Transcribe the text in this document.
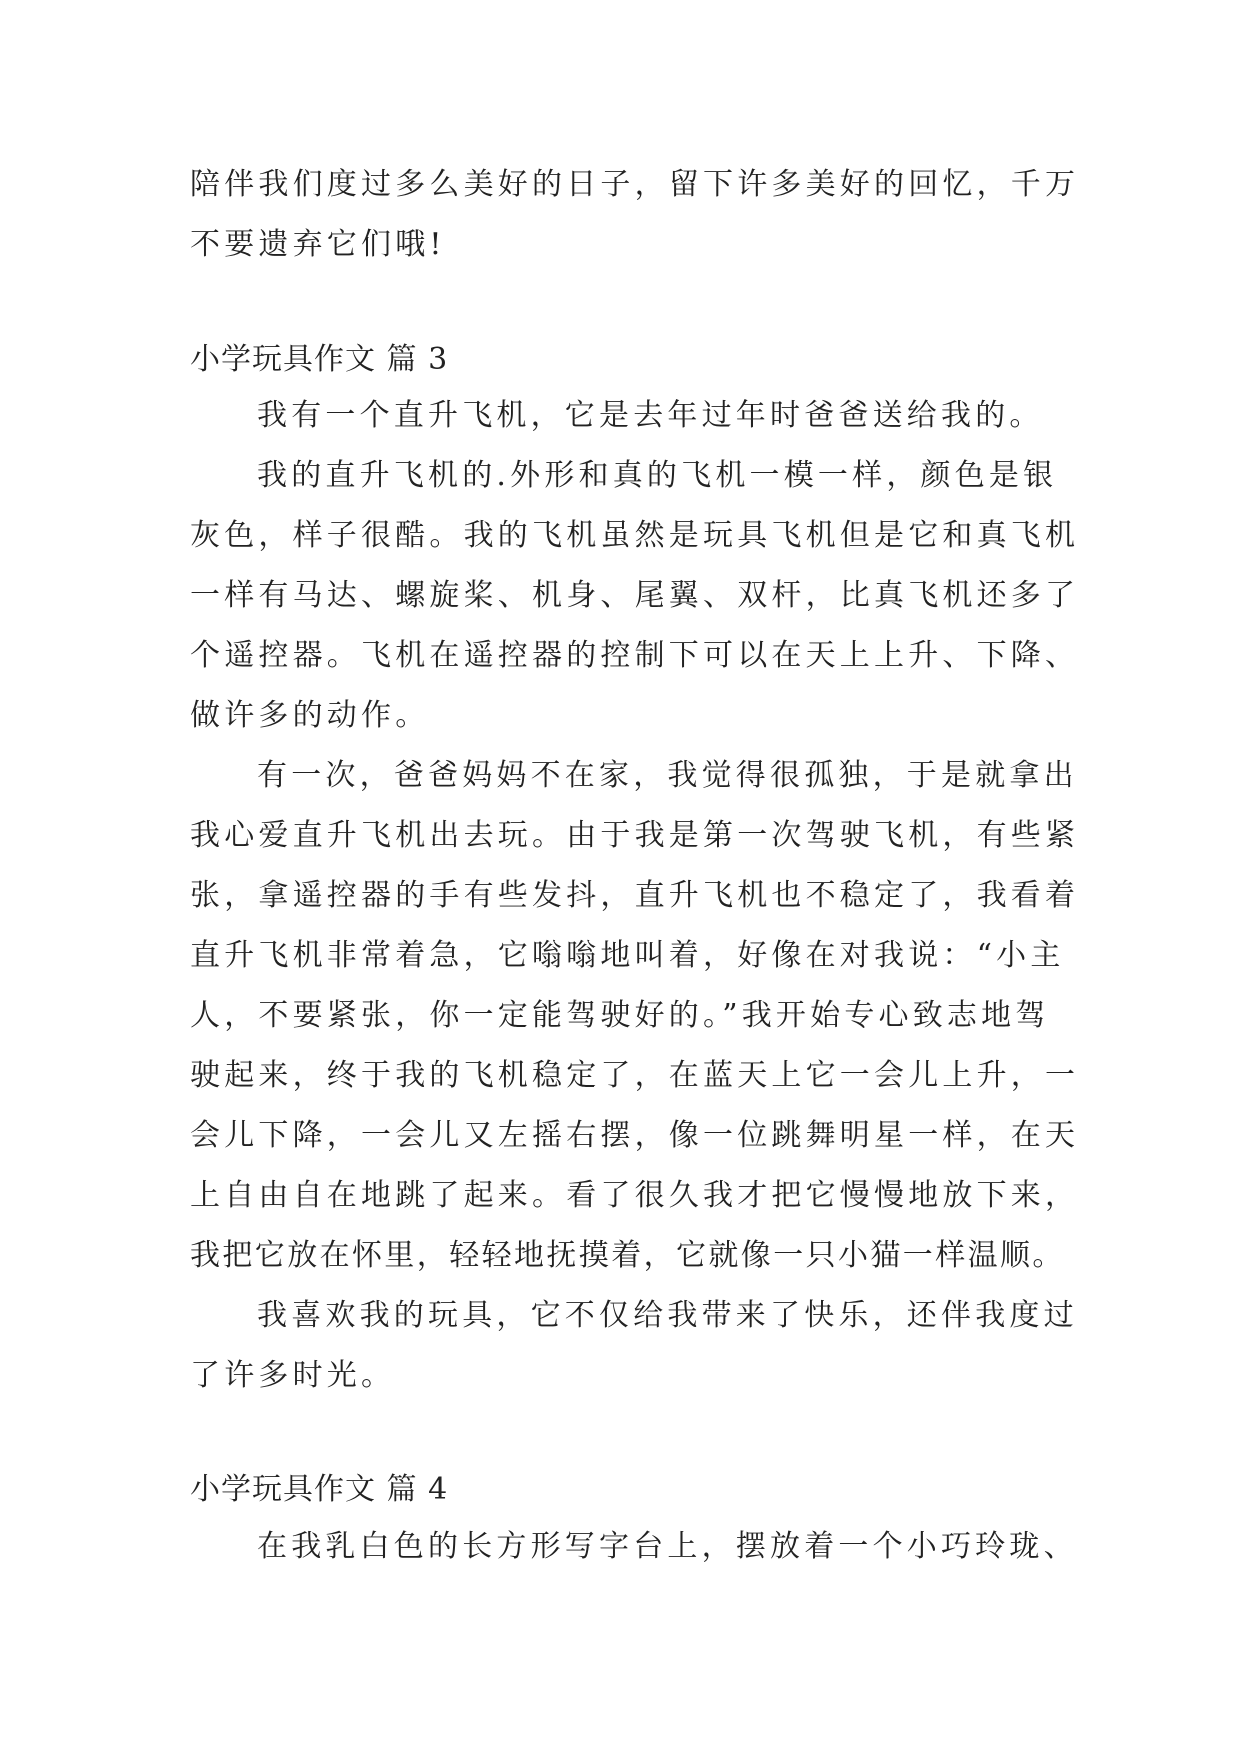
陪伴我们度过多么美好的日子，留下许多美好的回忆，千万
不要遗弃它们哦!
小学玩具作文 篇 3
我有一个直升飞机，它是去年过年时爸爸送给我的。
我的直升飞机的.外形和真的飞机一模一样，颜色是银
灰色，样子很酷。我的飞机虽然是玩具飞机但是它和真飞机
一样有马达、螺旋桨、机身、尾翼、双杆，比真飞机还多了
个遥控器。飞机在遥控器的控制下可以在天上上升、下降、
做许多的动作。
有一次，爸爸妈妈不在家，我觉得很孤独，于是就拿出
我心爱直升飞机出去玩。由于我是第一次驾驶飞机，有些紧
张，拿遥控器的手有些发抖，直升飞机也不稳定了，我看着
直升飞机非常着急，它嗡嗡地叫着，好像在对我说：“小主
人，不要紧张，你一定能驾驶好的。”我开始专心致志地驾
驶起来，终于我的飞机稳定了，在蓝天上它一会儿上升，一
会儿下降，一会儿又左摇右摆，像一位跳舞明星一样，在天
上自由自在地跳了起来。看了很久我才把它慢慢地放下来，
我把它放在怀里，轻轻地抚摸着，它就像一只小猫一样温顺。
我喜欢我的玩具，它不仅给我带来了快乐，还伴我度过
了许多时光。
小学玩具作文 篇 4
在我乳白色的长方形写字台上，摆放着一个小巧玲珑、
